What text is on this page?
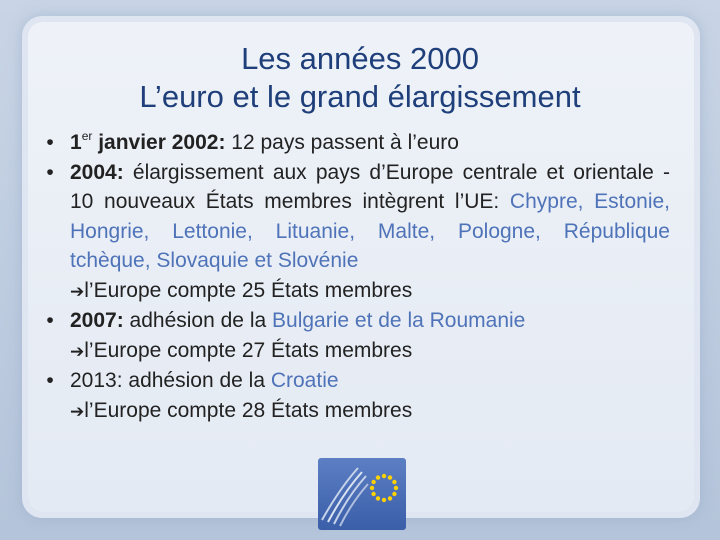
Les années 2000
L’euro et le grand élargissement
• 1er janvier 2002: 12 pays passent à l’euro
• 2004: élargissement aux pays d’Europe centrale et orientale - 10 nouveaux États membres intègrent l’UE: Chypre, Estonie, Hongrie, Lettonie, Lituanie, Malte, Pologne, République tchèque, Slovaquie et Slovénie
➔l’Europe compte 25 États membres
• 2007: adhésion de la Bulgarie et de la Roumanie
➔l’Europe compte 27 États membres
• 2013: adhésion de la Croatie
➔l’Europe compte 28 États membres
